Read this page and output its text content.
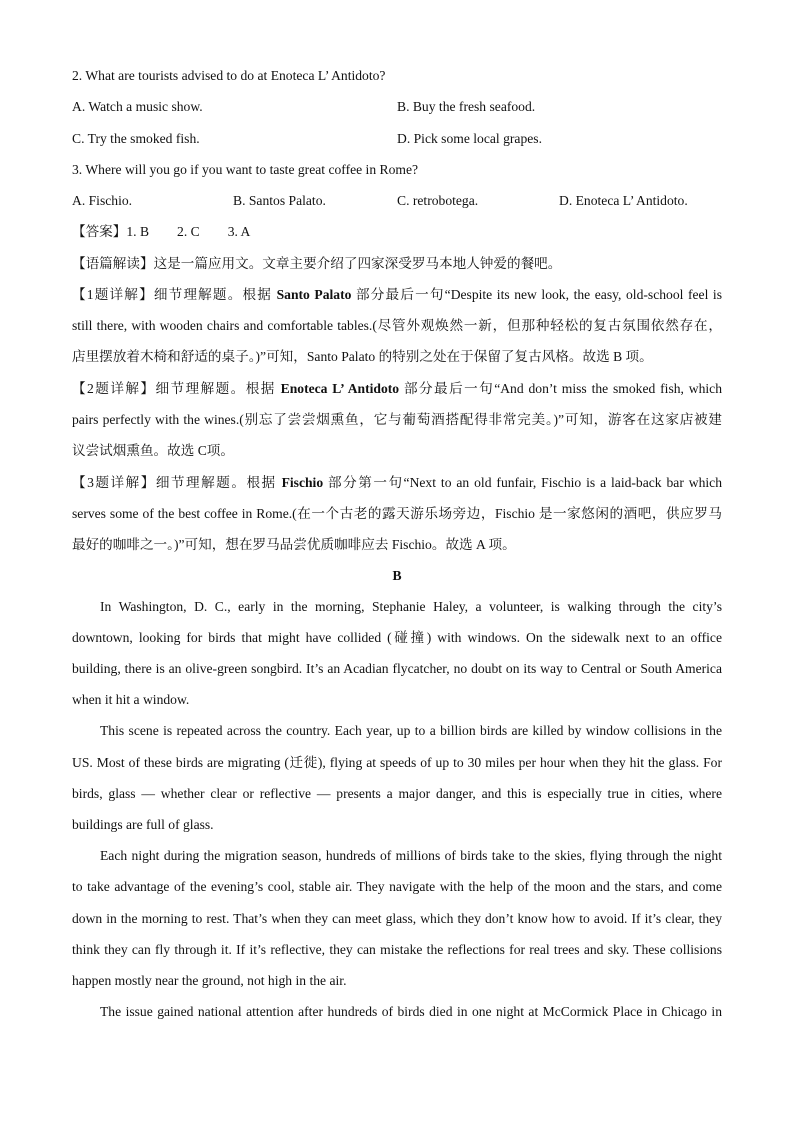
2. What are tourists advised to do at Enoteca L’ Antidoto?
A. Watch a music show.	B. Buy the fresh seafood.
C. Try the smoked fish.	D. Pick some local grapes.
3. Where will you go if you want to taste great coffee in Rome?
A. Fischio.	B. Santos Palato.	C. retrobotega.	D. Enoteca L’ Antidoto.
【答案】1. B 2. C 3. A
【语篇解读】这是一篇应用文。文章主要介绍了四家深受罗马本地人钟爱的餐吧。
【1题详解】细节理解题。根据 Santo Palato 部分最后一句“Despite its new look, the easy, old-school feel is
still there, with wooden chairs and comfortable tables.(尽管外观焕然一新，但那种轻松的复古氛围依然存在，
店里摆放着木椅和舒适的桌子。)”可知，Santo Palato 的特别之处在于保留了复古风格。故选 B 项。
【2题详解】细节理解题。根据 Enoteca L’ Antidoto 部分最后一句“And don’t miss the smoked fish, which
pairs perfectly with the wines.(别忘了尝尝烟熏鱼，它与葡萄酒搭配得非常完美。)”可知，游客在这家店被建
议尝试烟熏鱼。故选 C项。
【3题详解】细节理解题。根据 Fischio 部分第一句“Next to an old funfair, Fischio is a laid-back bar which
serves some of the best coffee in Rome.(在一个古老的露天游乐场旁边，Fischio 是一家悠闲的酒吧，供应罗马
最好的咖啡之一。)”可知，想在罗马品尝优质咖啡应去 Fischio。故选 A 项。
B
In Washington, D. C., early in the morning, Stephanie Haley, a volunteer, is walking through the city’s
downtown, looking for birds that might have collided (碰撞) with windows. On the sidewalk next to an office
building, there is an olive-green songbird. It’s an Acadian flycatcher, no doubt on its way to Central or South America
when it hit a window.
This scene is repeated across the country. Each year, up to a billion birds are killed by window collisions in the
US. Most of these birds are migrating (迁徙), flying at speeds of up to 30 miles per hour when they hit the glass. For
birds, glass — whether clear or reflective — presents a major danger, and this is especially true in cities, where
buildings are full of glass.
Each night during the migration season, hundreds of millions of birds take to the skies, flying through the night
to take advantage of the evening’s cool, stable air. They navigate with the help of the moon and the stars, and come
down in the morning to rest. That’s when they can meet glass, which they don’t know how to avoid. If it’s clear, they
think they can fly through it. If it’s reflective, they can mistake the reflections for real trees and sky. These collisions
happen mostly near the ground, not high in the air.
The issue gained national attention after hundreds of birds died in one night at McCormick Place in Chicago in
